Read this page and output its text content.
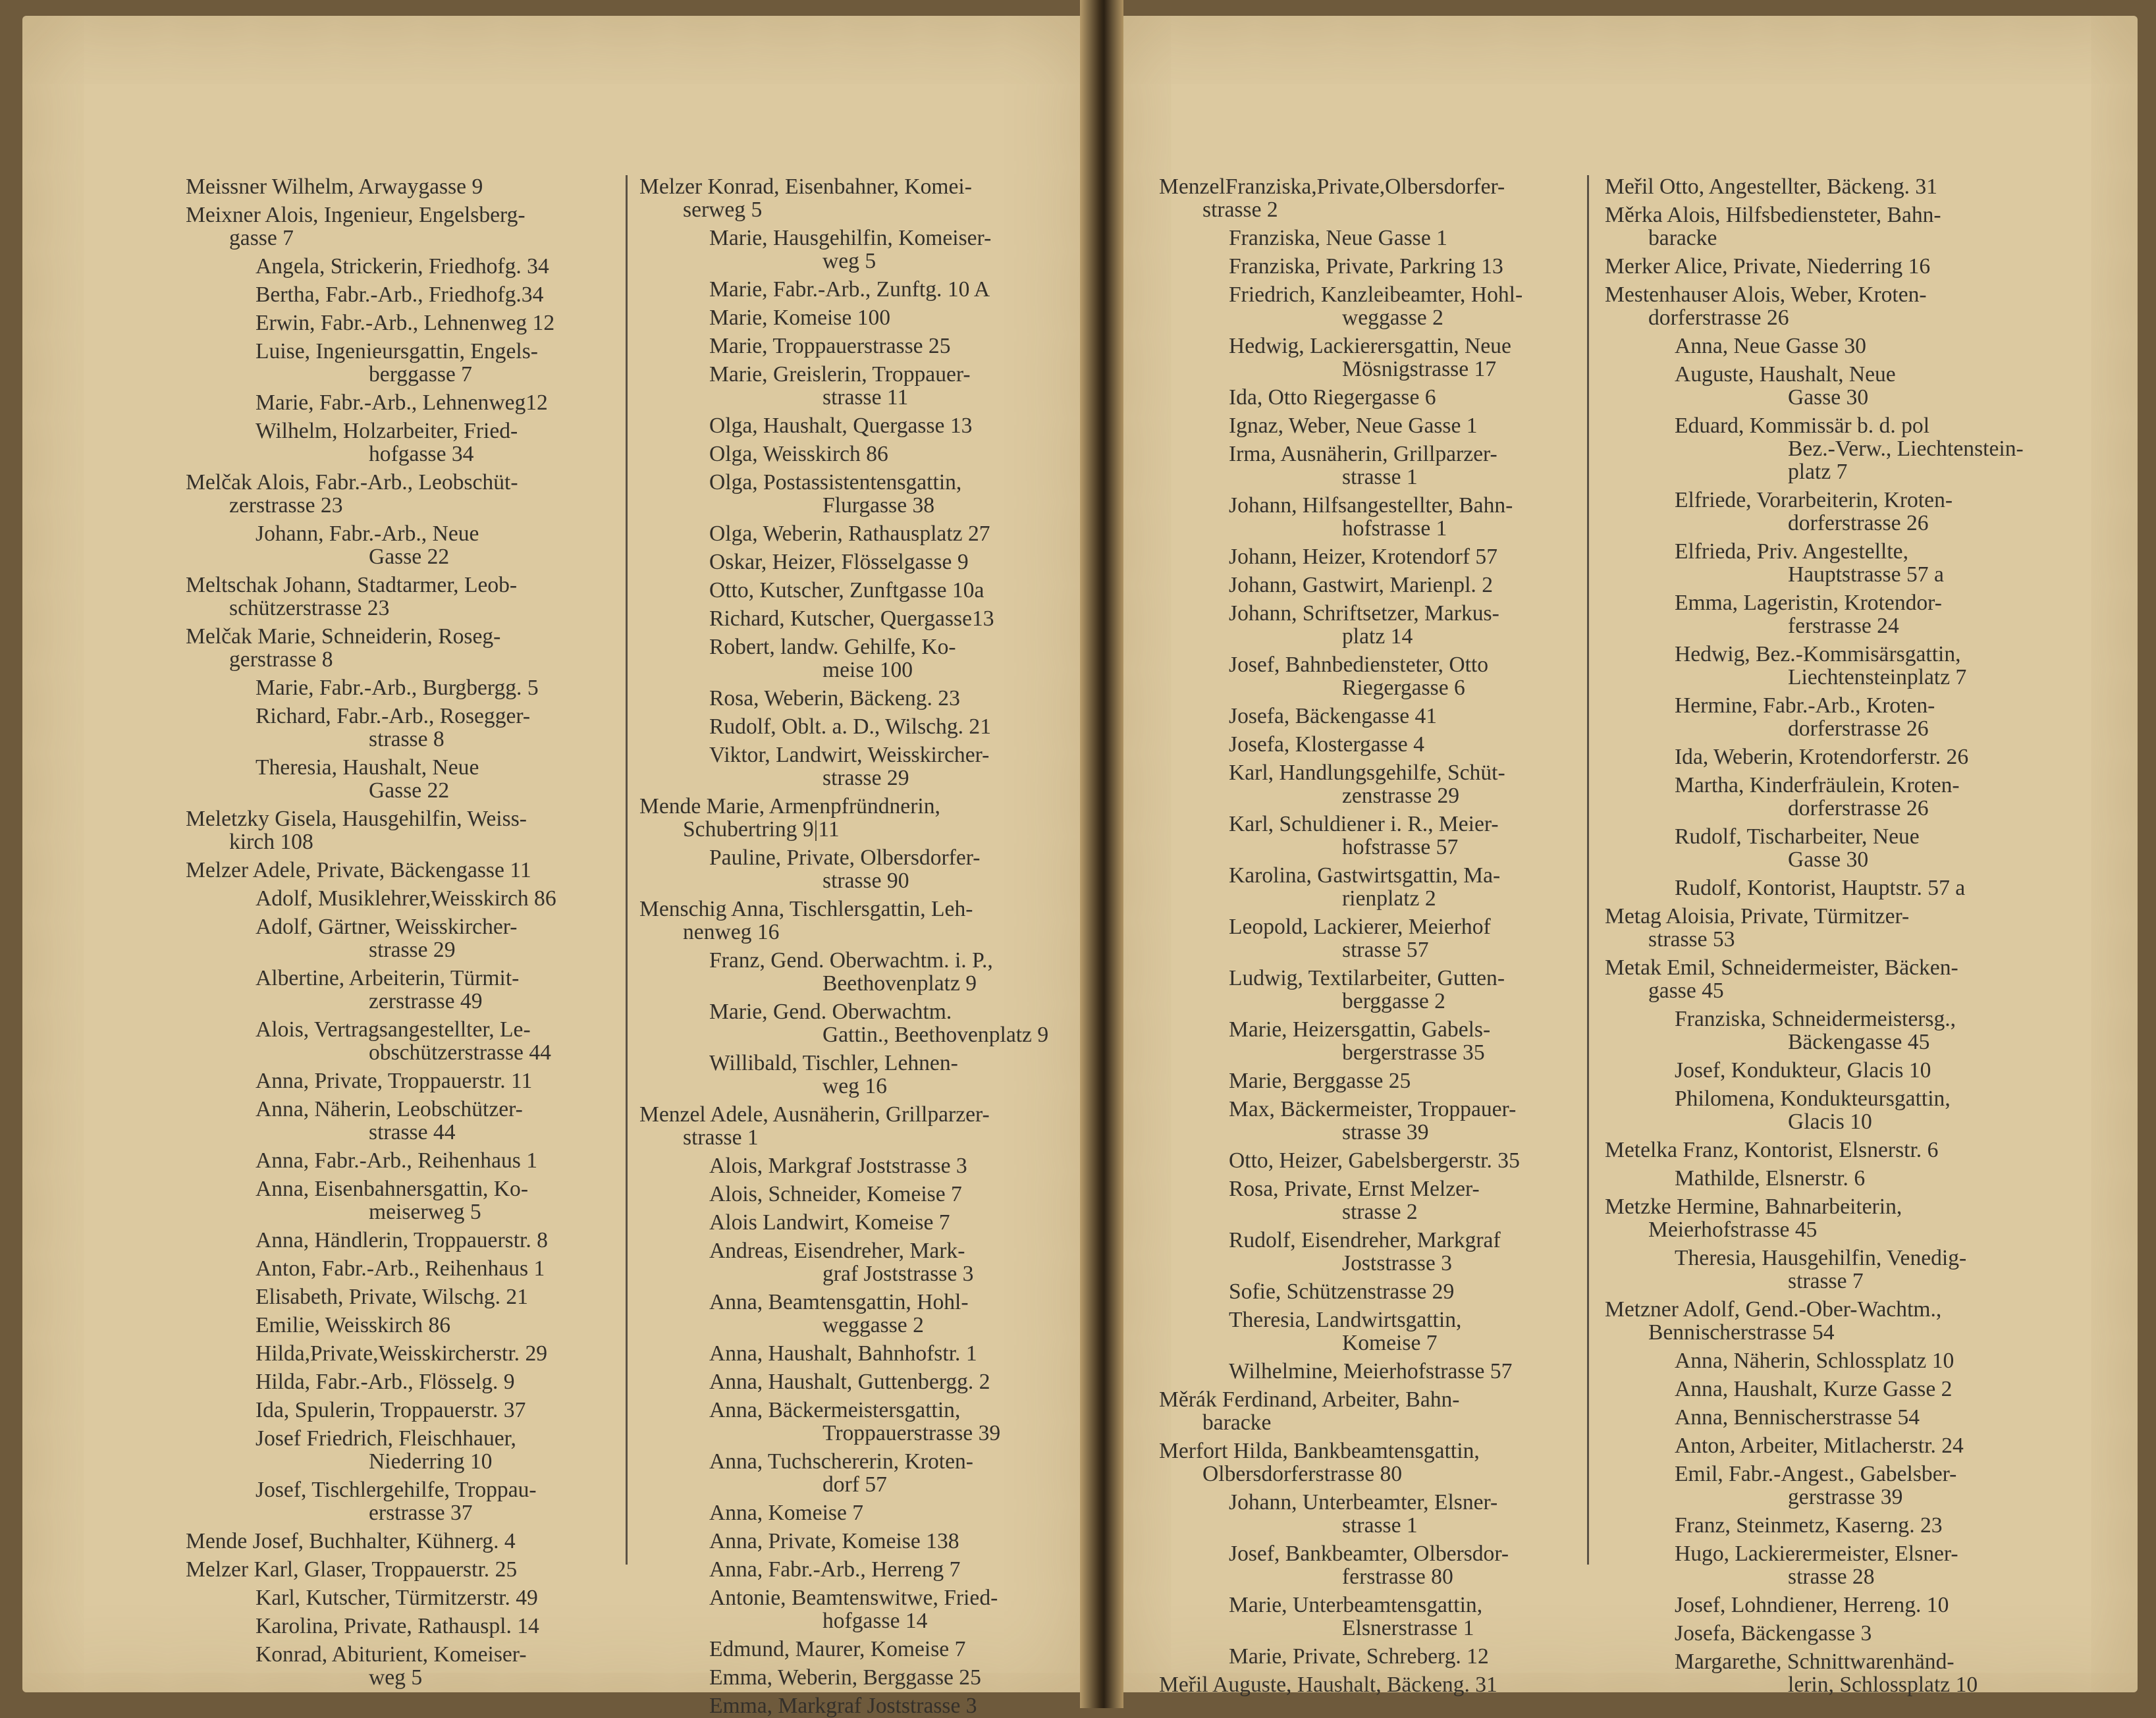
Meissner Wilhelm, Arwaygasse 9
Meixner Alois, Ingenieur, Engelsberg-
gasse 7
Angela, Strickerin, Friedhofg. 34
Bertha, Fabr.-Arb., Friedhofg.34
Erwin, Fabr.-Arb., Lehnenweg 12
Luise, Ingenieursgattin, Engels-
berggasse 7
Marie, Fabr.-Arb., Lehnenweg12
Wilhelm, Holzarbeiter, Fried-
hofgasse 34
Melčak Alois, Fabr.-Arb., Leobschüt-
zerstrasse 23
Johann, Fabr.-Arb., Neue
Gasse 22
Meltschak Johann, Stadtarmer, Leob-
schützerstrasse 23
Melčak Marie, Schneiderin, Roseg-
gerstrasse 8
Marie, Fabr.-Arb., Burgbergg. 5
Richard, Fabr.-Arb., Rosegger-
strasse 8
Theresia, Haushalt, Neue
Gasse 22
Meletzky Gisela, Hausgehilfin, Weiss-
kirch 108
Melzer Adele, Private, Bäckengasse 11
Adolf, Musiklehrer,Weisskirch 86
Adolf, Gärtner, Weisskircher-
strasse 29
Albertine, Arbeiterin, Türmit-
zerstrasse 49
Alois, Vertragsangestellter, Le-
obschützerstrasse 44
Anna, Private, Troppauerstr. 11
Anna, Näherin, Leobschützer-
strasse 44
Anna, Fabr.-Arb., Reihenhaus 1
Anna, Eisenbahnersgattin, Ko-
meiserweg 5
Anna, Händlerin, Troppauerstr. 8
Anton, Fabr.-Arb., Reihenhaus 1
Elisabeth, Private, Wilschg. 21
Emilie, Weisskirch 86
Hilda,Private,Weisskircherstr. 29
Hilda, Fabr.-Arb., Flösselg. 9
Ida, Spulerin, Troppauerstr. 37
Josef Friedrich, Fleischhauer,
Niederring 10
Josef, Tischlergehilfe, Troppau-
erstrasse 37
Mende Josef, Buchhalter, Kühnerg. 4
Melzer Karl, Glaser, Troppauerstr. 25
Karl, Kutscher, Türmitzerstr. 49
Karolina, Private, Rathauspl. 14
Konrad, Abiturient, Komeiser-
weg 5
Melzer Konrad, Eisenbahner, Komei-
serweg 5
Marie, Hausgehilfin, Komeiser-
weg 5
Marie, Fabr.-Arb., Zunftg. 10 A
Marie, Komeise 100
Marie, Troppauerstrasse 25
Marie, Greislerin, Troppauer-
strasse 11
Olga, Haushalt, Quergasse 13
Olga, Weisskirch 86
Olga, Postassistentensgattin,
Flurgasse 38
Olga, Weberin, Rathausplatz 27
Oskar, Heizer, Flösselgasse 9
Otto, Kutscher, Zunftgasse 10a
Richard, Kutscher, Quergasse13
Robert, landw. Gehilfe, Ko-
meise 100
Rosa, Weberin, Bäckeng. 23
Rudolf, Oblt. a. D., Wilschg. 21
Viktor, Landwirt, Weisskircher-
strasse 29
Mende Marie, Armenpfründnerin,
Schubertring 9|11
Pauline, Private, Olbersdorfer-
strasse 90
Menschig Anna, Tischlersgattin, Leh-
nenweg 16
Franz, Gend. Oberwachtm. i. P.,
Beethovenplatz 9
Marie, Gend. Oberwachtm.
Gattin., Beethovenplatz 9
Willibald, Tischler, Lehnen-
weg 16
Menzel Adele, Ausnäherin, Grillparzer-
strasse 1
Alois, Markgraf Joststrasse 3
Alois, Schneider, Komeise 7
Alois Landwirt, Komeise 7
Andreas, Eisendreher, Mark-
graf Joststrasse 3
Anna, Beamtensgattin, Hohl-
weggasse 2
Anna, Haushalt, Bahnhofstr. 1
Anna, Haushalt, Guttenbergg. 2
Anna, Bäckermeistersgattin,
Troppauerstrasse 39
Anna, Tuchschererin, Kroten-
dorf 57
Anna, Komeise 7
Anna, Private, Komeise 138
Anna, Fabr.-Arb., Herreng 7
Antonie, Beamtenswitwe, Fried-
hofgasse 14
Edmund, Maurer, Komeise 7
Emma, Weberin, Berggasse 25
Emma, Markgraf Joststrasse 3
MenzelFranziska,Private,Olbersdorfer-
strasse 2
Franziska, Neue Gasse 1
Franziska, Private, Parkring 13
Friedrich, Kanzleibeamter, Hohl-
weggasse 2
Hedwig, Lackierersgattin, Neue
Mösnigstrasse 17
Ida, Otto Riegergasse 6
Ignaz, Weber, Neue Gasse 1
Irma, Ausnäherin, Grillparzer-
strasse 1
Johann, Hilfsangestellter, Bahn-
hofstrasse 1
Johann, Heizer, Krotendorf 57
Johann, Gastwirt, Marienpl. 2
Johann, Schriftsetzer, Markus-
platz 14
Josef, Bahnbediensteter, Otto
Riegergasse 6
Josefa, Bäckengasse 41
Josefa, Klostergasse 4
Karl, Handlungsgehilfe, Schüt-
zenstrasse 29
Karl, Schuldiener i. R., Meier-
hofstrasse 57
Karolina, Gastwirtsgattin, Ma-
rienplatz 2
Leopold, Lackierer, Meierhof
strasse 57
Ludwig, Textilarbeiter, Gutten-
berggasse 2
Marie, Heizersgattin, Gabels-
bergerstrasse 35
Marie, Berggasse 25
Max, Bäckermeister, Troppauer-
strasse 39
Otto, Heizer, Gabelsbergerstr. 35
Rosa, Private, Ernst Melzer-
strasse 2
Rudolf, Eisendreher, Markgraf
Joststrasse 3
Sofie, Schützenstrasse 29
Theresia, Landwirtsgattin,
Komeise 7
Wilhelmine, Meierhofstrasse 57
Měrák Ferdinand, Arbeiter, Bahn-
baracke
Merfort Hilda, Bankbeamtensgattin,
Olbersdorferstrasse 80
Johann, Unterbeamter, Elsner-
strasse 1
Josef, Bankbeamter, Olbersdor-
ferstrasse 80
Marie, Unterbeamtensgattin,
Elsnerstrasse 1
Marie, Private, Schreberg. 12
Meřil Auguste, Haushalt, Bäckeng. 31
Meřil Otto, Angestellter, Bäckeng. 31
Měrka Alois, Hilfsbediensteter, Bahn-
baracke
Merker Alice, Private, Niederring 16
Mestenhauser Alois, Weber, Kroten-
dorferstrasse 26
Anna, Neue Gasse 30
Auguste, Haushalt, Neue
Gasse 30
Eduard, Kommissär b. d. pol
Bez.-Verw., Liechtenstein-
platz 7
Elfriede, Vorarbeiterin, Kroten-
dorferstrasse 26
Elfrieda, Priv. Angestellte,
Hauptstrasse 57 a
Emma, Lageristin, Krotendor-
ferstrasse 24
Hedwig, Bez.-Kommisärsgattin,
Liechtensteinplatz 7
Hermine, Fabr.-Arb., Kroten-
dorferstrasse 26
Ida, Weberin, Krotendorferstr. 26
Martha, Kinderfräulein, Kroten-
dorferstrasse 26
Rudolf, Tischarbeiter, Neue
Gasse 30
Rudolf, Kontorist, Hauptstr. 57 a
Metag Aloisia, Private, Türmitzer-
strasse 53
Metak Emil, Schneidermeister, Bäcken-
gasse 45
Franziska, Schneidermeistersg.,
Bäckengasse 45
Josef, Kondukteur, Glacis 10
Philomena, Kondukteursgattin,
Glacis 10
Metelka Franz, Kontorist, Elsnerstr. 6
Mathilde, Elsnerstr. 6
Metzke Hermine, Bahnarbeiterin,
Meierhofstrasse 45
Theresia, Hausgehilfin, Venedig-
strasse 7
Metzner Adolf, Gend.-Ober-Wachtm.,
Bennischerstrasse 54
Anna, Näherin, Schlossplatz 10
Anna, Haushalt, Kurze Gasse 2
Anna, Bennischerstrasse 54
Anton, Arbeiter, Mitlacherstr. 24
Emil, Fabr.-Angest., Gabelsber-
gerstrasse 39
Franz, Steinmetz, Kaserng. 23
Hugo, Lackierermeister, Elsner-
strasse 28
Josef, Lohndiener, Herreng. 10
Josefa, Bäckengasse 3
Margarethe, Schnittwarenhänd-
lerin, Schlossplatz 10
